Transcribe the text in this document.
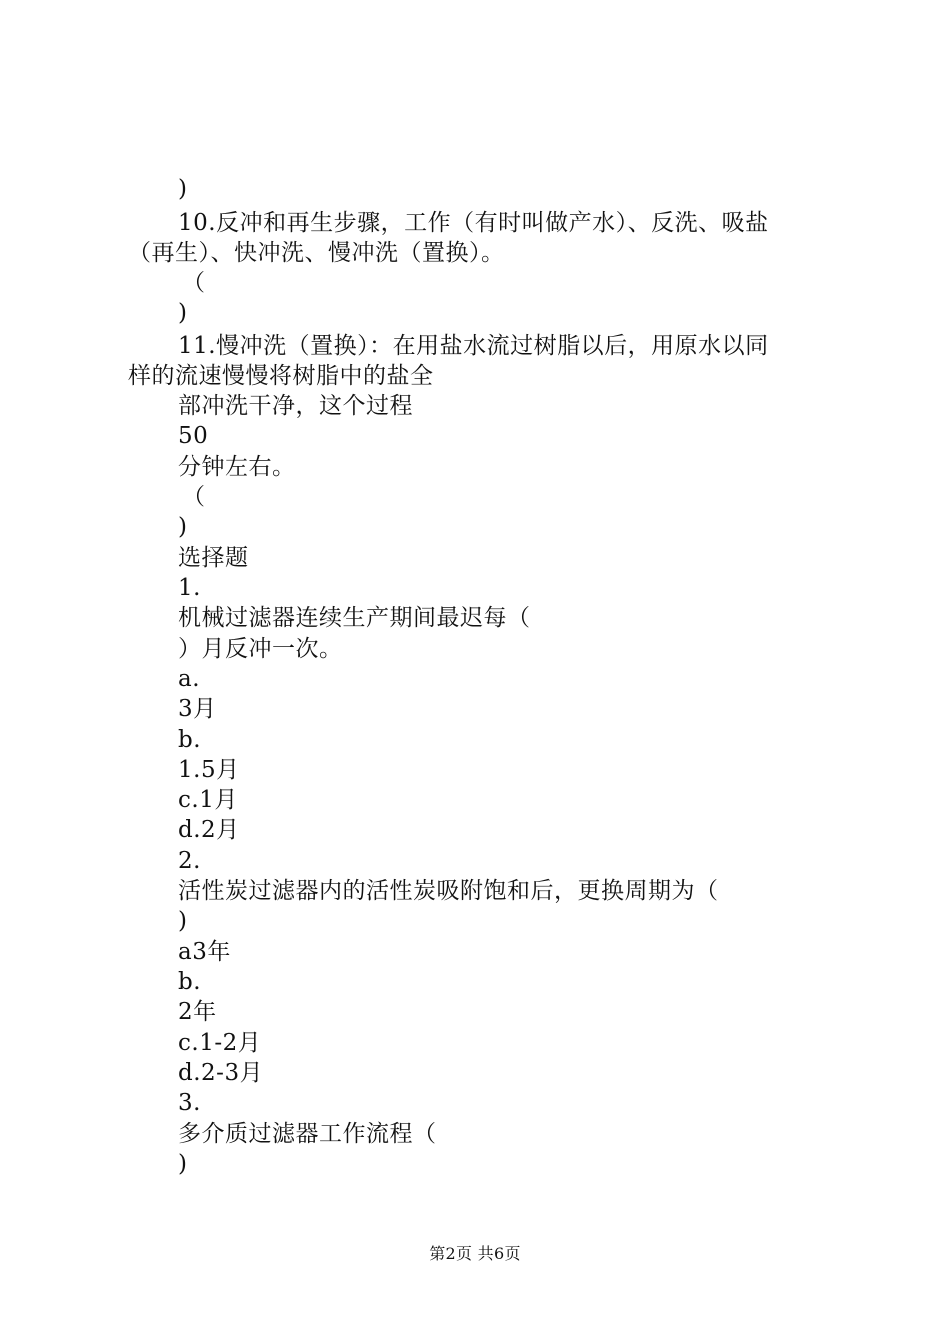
)
10.反冲和再生步骤，工作（有时叫做产水）、反洗、吸盐
（再生）、快冲洗、慢冲洗（置换）。
（
)
11.慢冲洗（置换）：在用盐水流过树脂以后，用原水以同
样的流速慢慢将树脂中的盐全
部冲洗干净，这个过程
50
分钟左右。
（
)
选择题
1.
机械过滤器连续生产期间最迟每（
）月反冲一次。
a.
3月
b.
1.5月
c.1月
d.2月
2.
活性炭过滤器内的活性炭吸附饱和后，更换周期为（
)
a3年
b.
2年
c.1-2月
d.2-3月
3.
多介质过滤器工作流程（
)
第2页 共6页
